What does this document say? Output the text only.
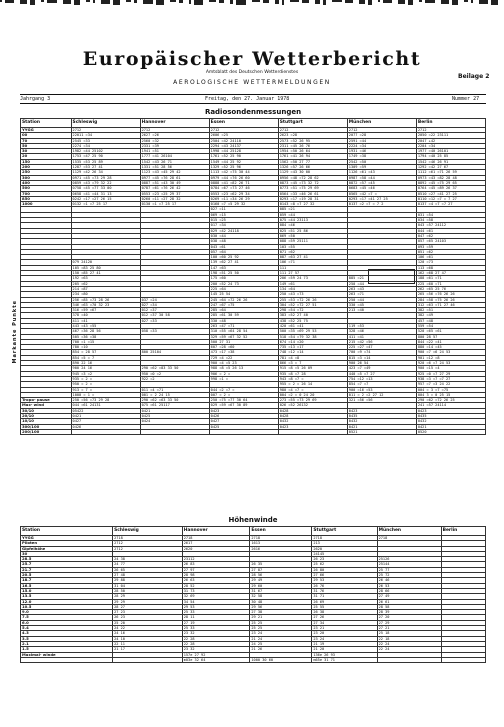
Europäischer Wetterbericht
Amtsblatt des Deutschen Wetterdienstes
AEROLOGISCHE WETTERMELDUNGEN
Beilage 2
Jahrgang 3	Freitag, den 27. Januar 1978	Nummer 27
Radiosondenmessungen
Markante Punkte
Station	Schleswig	Hannover	Essen	Stuttgart	München	Berlin
YYGG	2712	2712	2712	2712	2712	2712
00	22011 =34	2627 =26	2606 =25	2623 =28	2077 =28	2050 =22 23111
70	2545 =33	2560 =32	2504 =42 24110	2573 =52 26 95	2591 =44	2047 +42
50	2274 =34	2331 =39	2294 =43 24137	2311 =45 26 76	2224 =34	2204 =34
30	1982 =44 25102	1941 =51	1998 =44 25128	1954 =50 26 64	1931 =46	1977 =40 26101
20	1753 =47 25 90	1777 =41 26104	1761 =52 25 90	1761 =41 26 94	1749 =38	1794 =40 25 85
150	1535 =53 25 89	1542 =43 26 71	1549 =44 25 92	1562 =50 27 77	2542 =50	1542 =46 26 91
200	1287 =53 27 41	1331 =51 28 56	1329 =52 25 96	1326 =57 26 66	1309 =59	1292 =42 27 67
250	1129 =42 26 34	1123 =43 =45 29 42	1113 =42 =75 30 44	1129 =43 30 00	1126 =61 =43	1112 =61 =71 26 59
300	0971 =45 =73 29 28	0977 =45 =76 28 61	0979 =44 =76 26 60	0956 =48 =72 28 62	0987 =58 =44	0973 =43 =82 28 48
400	0859 =43 =79 32 22	0887 =51 =43 30 49	0888 =41 =82 26 71	0873 =45 =73 32 72	0872 =57 =45	0892 =45 =75 29 65
500	0758 =45 =77 33 00	0787 =61 =76 26 42	0784 =67 =73 27 46	0773 =51 =75 29 69	0683 =45 =46	0764 =45 =89 26 37
700	0658 =41 =44 31 13	0553 =23 =25 29 37	0553 =23 =62 29 34	0564 =33 =46 26 61	0565 =42 =7 =	0510 =27 =41 27 25
850	0242 =17 =27 26 15	0260 =11 =27 28 32	0269 =11 =34 26 29	0293 =17 =19 28 31	0293 =17 =41 27 25	0110 =12 =7 = 7 27
1000	0132 =1 =7 25 17	0130 =1 =7 25 17	0160 =7 =5 29 32	0143 =8 =7 27 32	0137 =2 =7 = 7 2	0137 =4 =7 =7 27
			027 =11	085 =21		
			069 =15	059 =44		031 =54
			015 =25	075 =44 23113		034 =58
			017 =34	084 =46		043 =57 24112
			029 =42 24118	025 =51 25 86		044 =61
			030 =44	069 =50		047 =62
			038 =48	088 =59 25111		057 =65 24103
			043 =61	103 =55		093 =59
			057 =64	071 =62		051 =62
			100 =60 25 92	087 =63 27 41		106 =61
	079 24120		139 =62 27 41	106 =71		120 =73
	105 =83 25 80		147 =63	111		113 =68
	150 =85 27 41		198 =51 25 50	111 27 57		162 =68 27 47
	192 =63		175 =60	206 =59 24 73	885 =21	188 =61 =71
	205 =62		200 =52 24 73	149 =61	250 =44	225 =60 =71
	214 =87		225 =64	134 =64	263 =43	262 =65 25 76
	234 =80		145 25 54	250 =43 =73	263 =71	265 =56 =76 26 26
	256 =85 =73 28 26	037 =24	245 =64 =72 26 26	255 =53 =72 26 26	250 =44	284 =58 =75 26 26
	346 =63 =70 32 23	027 =34	247 =67 =75	304 =52 =72 27 51	330 =45	312 =63 =71 27 46
	316 =59 =67	012 =37	285 =64	298 =54 =72	213 =40	382 =51
	378 =40	012 =37 30 58	285 =61 30 59	383 =52 27 40		382 =49
	411 =41	027 =33	330 =48	438 =52 25 75		457 =48
	443 =43 =55		263 =47 =71	420 =61 =41	119 =53	559 =54
	467 =36 28 56	058 =33	310 =55 =64 28 54	500 =35 =69 29 53	328 =46	520 =65 =61
	505 =36 =38		329 =59 =67 32 52	518 =54 =79 32 38	411 =41	800 28 57
	700 =1 =15		500 27 31	674 =14 =20	215 =42 =56	844 =22 =41
	780 =10		607 =28 =60	735 =13 =17	225 =27 =47	880 =14 =45
	854 = 28 57	800 25104	473 =17 =38	748 =12 =14	700 =9 =74	900 =7 =6 24 53
	854 =5 = 7		729 =4 =22	781 =4 =8	815 =3 =14	901 =12 =8
	890 22 16		900 =4 =5 23	866 =3 = 7	900 26 54	920 =6 =7 24 53
	900 24 16	290 =62 =83 33 50	988 =8 =5 26 13	915 =8 =5 26 09	423 =7 =49	900 =15 =4
	945 =3 =2	950 =0 =2	906 = 2 =	935 =8 =7 28	440 =5 =7 27	925 =0 =7 27 29
	935 = 2 =	922 =2	998 =1 =	943 =8 =7 =	754 =12 =13	938 =3 =7 =7 27
	950 = 2 =			955 = 2 = 26 14	854 =7 =7	957 =7 =3 24 22
	913 = 7 =	011 =4 =71	044 =2 =7 =	980 =4 =7 =	900 =16 =53	004 = 3 =7 =75
	1000 = 1 =	001 = 2 24 15	007 = 2 =	004 =2 = 0 24 20	011 = 2 =2 27 12	004 3 = 0 25 15
Tropo- pause	250 =56 =73 29 28	290 =62 =63 33 50	250 =75 =77 30 64	273 =55 =73 29 69	321 =56 =56	290 =62 =72 26 25
Max- wind	044 =61 24131	075 =61 25117	029 =59 =67 30 89	026 =52 26132		241 =57 24114
30/10	05422	0421	0423	0428	0423	0423
20/10	0421	0425	0426	0428	0435	0435
10/10	0427	0424	0427	0432	0432	0432
300/100	0426		0425	0423	0421	0421
200/100					0521	0520
Höhenwinde
Station	Schleswig	Hannover	Essen	Stuttgart	München	Berlin
YYGG	2718	2718	2718	2718	2718	
Piloten	2712	2617	1613	213		
Gipfelhöhe	2712	2620	2616	2620		
30				24145		
28.5	24 38	23112		26 23	25126	
25.7	24 77	26 83	26 35	25 62	25144	
21.7	26 65	27 97	27 87	26 80	25 77	
20.5	27 48	28 98	28 56	27 66	25 72	
18.7	29 88	26 63	29 49	29 53	26 46	
16.5	31 04	28 52	29 60	26 76	26 53	
15.0	28 50	31 73	31 67	31 76	28 66	
13.5	28 29	32 69	32 58	31 71	27 49	
12.0	29 29	34 54	30 48	26 69	26 61	
10.5	28 27	29 53	29 56	25 55	28 58	
9.0	27 23	25 33	27 38	26 38	28 39	
7.5	26 23	28 11	29 21	27 26	27 20	
6.0	25 20	27 19	25 25	27 34	27 29	
5.4	24 22	25 33	25 25	23 21	27 21	
4.3	24 16	23 32	23 24	23 20	25 18	
3.5	24 10	22 28	21 24	23 24	22 18	
2.1	22 11	22 28	24 25	21 19	22 24	
1.5	21 17	23 32	21 26	21 20	22 24	
Maximal- winde		157e 27 92		136e 26 93		
		m03e 32 64	1000 30 60	m65e 31 71		
